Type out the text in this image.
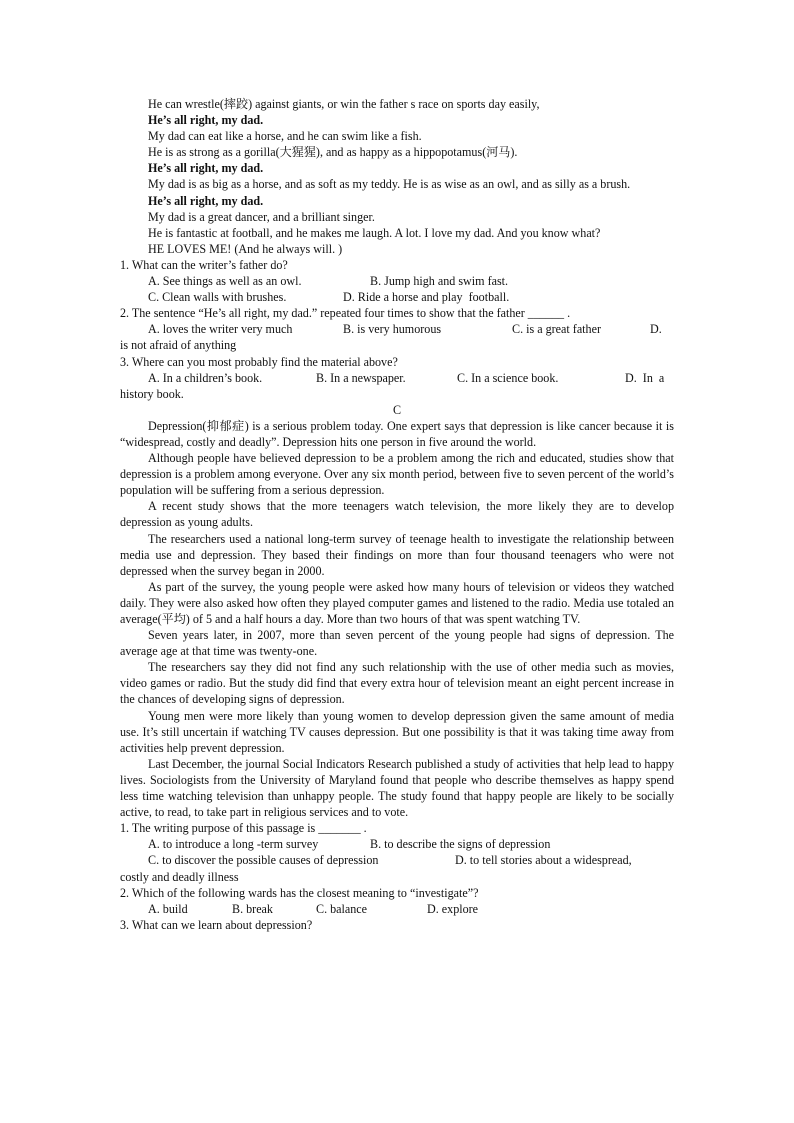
He can wrestle(摔跤) against giants, or win the father s race on sports day easily,

He’s all right, my dad.

My dad can eat like a horse, and he can swim like a fish.

He is as strong as a gorilla(大猩猩), and as happy as a hippopotamus(河马).

He’s all right, my dad.

My dad is as big as a horse, and as soft as my teddy. He is as wise as an owl, and as silly as a brush.

He’s all right, my dad.

My dad is a great dancer, and a brilliant singer.

He is fantastic at football, and he makes me laugh. A lot. I love my dad. And you know what?

HE LOVES ME! (And he always will. )

1. What can the writer’s father do?

A. See things as well as an owl.	B. Jump high and swim fast.

C. Clean walls with brushes.	D. Ride a horse and play  football.

2. The sentence “He’s all right, my dad.” repeated four times to show that the father ______ .

A. loves the writer very much	B. is very humorous	C. is a great father	D.

is not afraid of anything

3. Where can you most probably find the material above?

A. In a children’s book.	B. In a newspaper.	C. In a science book.	D.  In  a

history book.

C

Depression(抑郁症) is a serious problem today. One expert says that depression is like cancer because it is “widespread, costly and deadly”. Depression hits one person in five around the world.

Although people have believed depression to be a problem among the rich and educated, studies show that depression is a problem among everyone. Over any six month period, between five to seven percent of the world’s population will be suffering from a serious depression.

A recent study shows that the more teenagers watch television, the more likely they are to develop depression as young adults.

The researchers used a national long-term survey of teenage health to investigate the relationship between media use and depression. They based their findings on more than four thousand teenagers who were not depressed when the survey began in 2000.

As part of the survey, the young people were asked how many hours of television or videos they watched daily. They were also asked how often they played computer games and listened to the radio. Media use totaled an average(平均) of 5 and a half hours a day. More than two hours of that was spent watching TV.

Seven years later, in 2007, more than seven percent of the young people had signs of depression. The average age at that time was twenty-one.

The researchers say they did not find any such relationship with the use of other media such as movies, video games or radio. But the study did find that every extra hour of television meant an eight percent increase in the chances of developing signs of depression.

Young men were more likely than young women to develop depression given the same amount of media use. It’s still uncertain if watching TV causes depression. But one possibility is that it was taking time away from activities help prevent depression.

Last December, the journal Social Indicators Research published a study of activities that help lead to happy lives. Sociologists from the University of Maryland found that people who describe themselves as happy spend less time watching television than unhappy people. The study found that happy people are likely to be socially active, to read, to take part in religious services and to vote.

1. The writing purpose of this passage is _______ .

A. to introduce a long -term survey	B. to describe the signs of depression

C. to discover the possible causes of depression	D. to tell stories about a widespread,

costly and deadly illness

2. Which of the following wards has the closest meaning to “investigate”?

A. build	B. break	C. balance	D. explore

3. What can we learn about depression?
